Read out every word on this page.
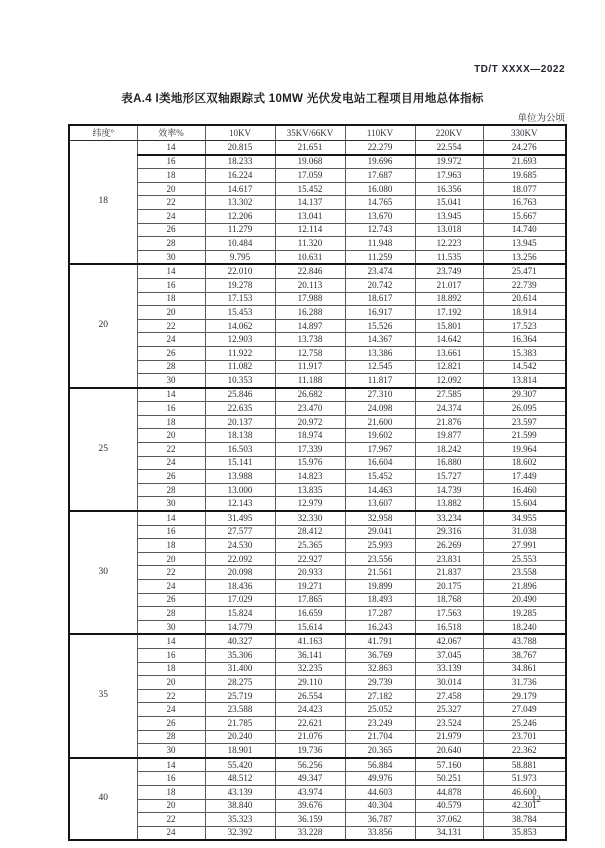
TD/T XXXX—2022
表A.4 Ⅰ类地形区双轴跟踪式 10MW 光伏发电站工程项目用地总体指标
单位为公顷
纬度°	效率%	10KV	35KV/66KV	110KV	220KV	330KV
18	14	20.815	21.651	22.279	22.554	24.276
	16	18.233	19.068	19.696	19.972	21.693
	18	16.224	17.059	17.687	17.963	19.685
	20	14.617	15.452	16.080	16.356	18.077
	22	13.302	14.137	14.765	15.041	16.763
	24	12.206	13.041	13.670	13.945	15.667
	26	11.279	12.114	12.743	13.018	14.740
	28	10.484	11.320	11.948	12.223	13.945
	30	9.795	10.631	11.259	11.535	13.256
20	14	22.010	22.846	23.474	23.749	25.471
	16	19.278	20.113	20.742	21.017	22.739
	18	17.153	17.988	18.617	18.892	20.614
	20	15.453	16.288	16.917	17.192	18.914
	22	14.062	14.897	15.526	15.801	17.523
	24	12.903	13.738	14.367	14.642	16.364
	26	11.922	12.758	13.386	13.661	15.383
	28	11.082	11.917	12.545	12.821	14.542
	30	10.353	11.188	11.817	12.092	13.814
25	14	25.846	26.682	27.310	27.585	29.307
	16	22.635	23.470	24.098	24.374	26.095
	18	20.137	20.972	21.600	21.876	23.597
	20	18.138	18.974	19.602	19.877	21.599
	22	16.503	17.339	17.967	18.242	19.964
	24	15.141	15.976	16.604	16.880	18.602
	26	13.988	14.823	15.452	15.727	17.449
	28	13.000	13.835	14.463	14.739	16.460
	30	12.143	12.979	13.607	13.882	15.604
30	14	31.495	32.330	32.958	33.234	34.955
	16	27.577	28.412	29.041	29.316	31.038
	18	24.530	25.365	25.993	26.269	27.991
	20	22.092	22.927	23.556	23.831	25.553
	22	20.098	20.933	21.561	21.837	23.558
	24	18.436	19.271	19.899	20.175	21.896
	26	17.029	17.865	18.493	18.768	20.490
	28	15.824	16.659	17.287	17.563	19.285
	30	14.779	15.614	16.243	16.518	18.240
35	14	40.327	41.163	41.791	42.067	43.788
	16	35.306	36.141	36.769	37.045	38.767
	18	31.400	32.235	32.863	33.139	34.861
	20	28.275	29.110	29.739	30.014	31.736
	22	25.719	26.554	27.182	27.458	29.179
	24	23.588	24.423	25.052	25.327	27.049
	26	21.785	22.621	23.249	23.524	25.246
	28	20.240	21.076	21.704	21.979	23.701
	30	18.901	19.736	20.365	20.640	22.362
40	14	55.420	56.256	56.884	57.160	58.881
	16	48.512	49.347	49.976	50.251	51.973
	18	43.139	43.974	44.603	44.878	46.600
	20	38.840	39.676	40.304	40.579	42.301
	22	35.323	36.159	36.787	37.062	38.784
	24	32.392	33.228	33.856	34.131	35.853
12
